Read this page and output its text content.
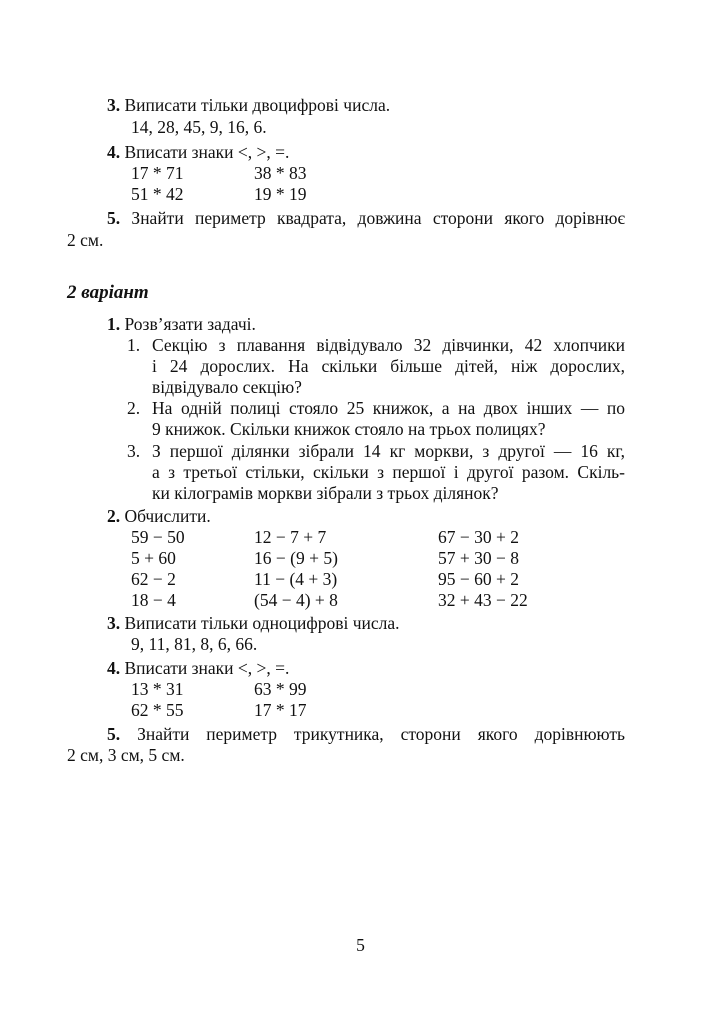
3. Виписати тільки двоцифрові числа.
14, 28, 45, 9, 16, 6.
4. Вписати знаки <, >, =.
17 * 71	38 * 83
51 * 42	19 * 19
5. Знайти периметр квадрата, довжина сторони якого дорівнює
2 см.
2 варіант
1. Розв’язати задачі.
1. Секцію з плавання відвідувало 32 дівчинки, 42 хлопчики
і 24 дорослих. На скільки більше дітей, ніж дорослих,
відвідувало секцію?
2. На одній полиці стояло 25 книжок, а на двох інших — по
9 книжок. Скільки книжок стояло на трьох полицях?
3. З першої ділянки зібрали 14 кг моркви, з другої — 16 кг,
а з третьої стільки, скільки з першої і другої разом. Скіль-
ки кілограмів моркви зібрали з трьох ділянок?
2. Обчислити.
59 − 50	12 − 7 + 7	67 − 30 + 2
5 + 60	16 − (9 + 5)	57 + 30 − 8
62 − 2	11 − (4 + 3)	95 − 60 + 2
18 − 4	(54 − 4) + 8	32 + 43 − 22
3. Виписати тільки одноцифрові числа.
9, 11, 81, 8, 6, 66.
4. Вписати знаки <, >, =.
13 * 31	63 * 99
62 * 55	17 * 17
5. Знайти периметр трикутника, сторони якого дорівнюють
2 см, 3 см, 5 см.
5
